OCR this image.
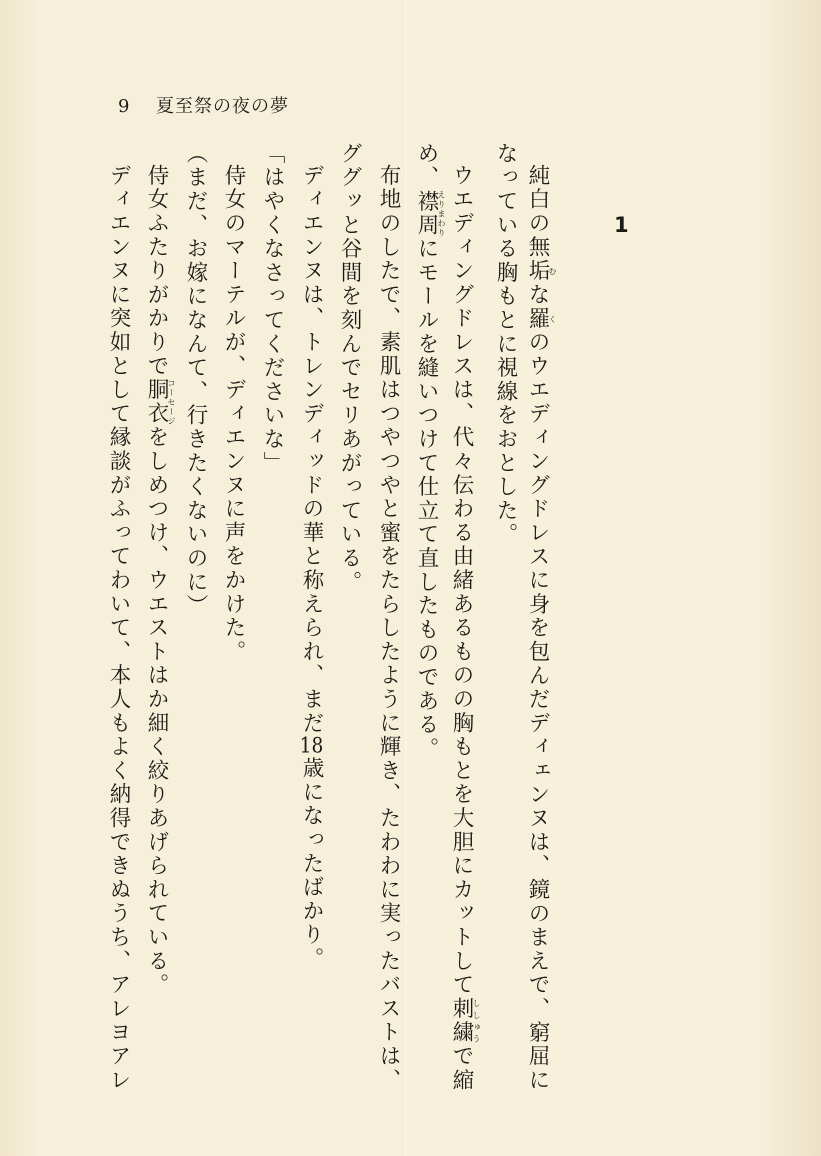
9 夏至祭の夜の夢
1
純白の無垢むな羅くのウエディングドレスに身を包んだディェンヌは、鏡のまえで、窮屈に
なっている胸もとに視線をおとした。
ウエディングドレスは、代々伝わる由緒あるものの胸もとを大胆にカットして刺繍ししゅうで縮
め、襟周えりまわりにモールを縫いつけて仕立て直したものである。
布地のしたで、素肌はつやつやと蜜をたらしたように輝き、たわわに実ったバストは、
ググッと谷間を刻んでセリあがっている。
ディエンヌは、トレンディッドの華と称えられ、まだ18歳になったばかり。
「はやくなさってくださいな」
侍女のマーテルが、ディエンヌに声をかけた。
（まだ、お嫁になんて、行きたくないのに）
侍女ふたりがかりで胴衣コーセージをしめつけ、ウエストはか細く絞りあげられている。
ディエンヌに突如として縁談がふってわいて、本人もよく納得できぬうち、アレヨアレ
